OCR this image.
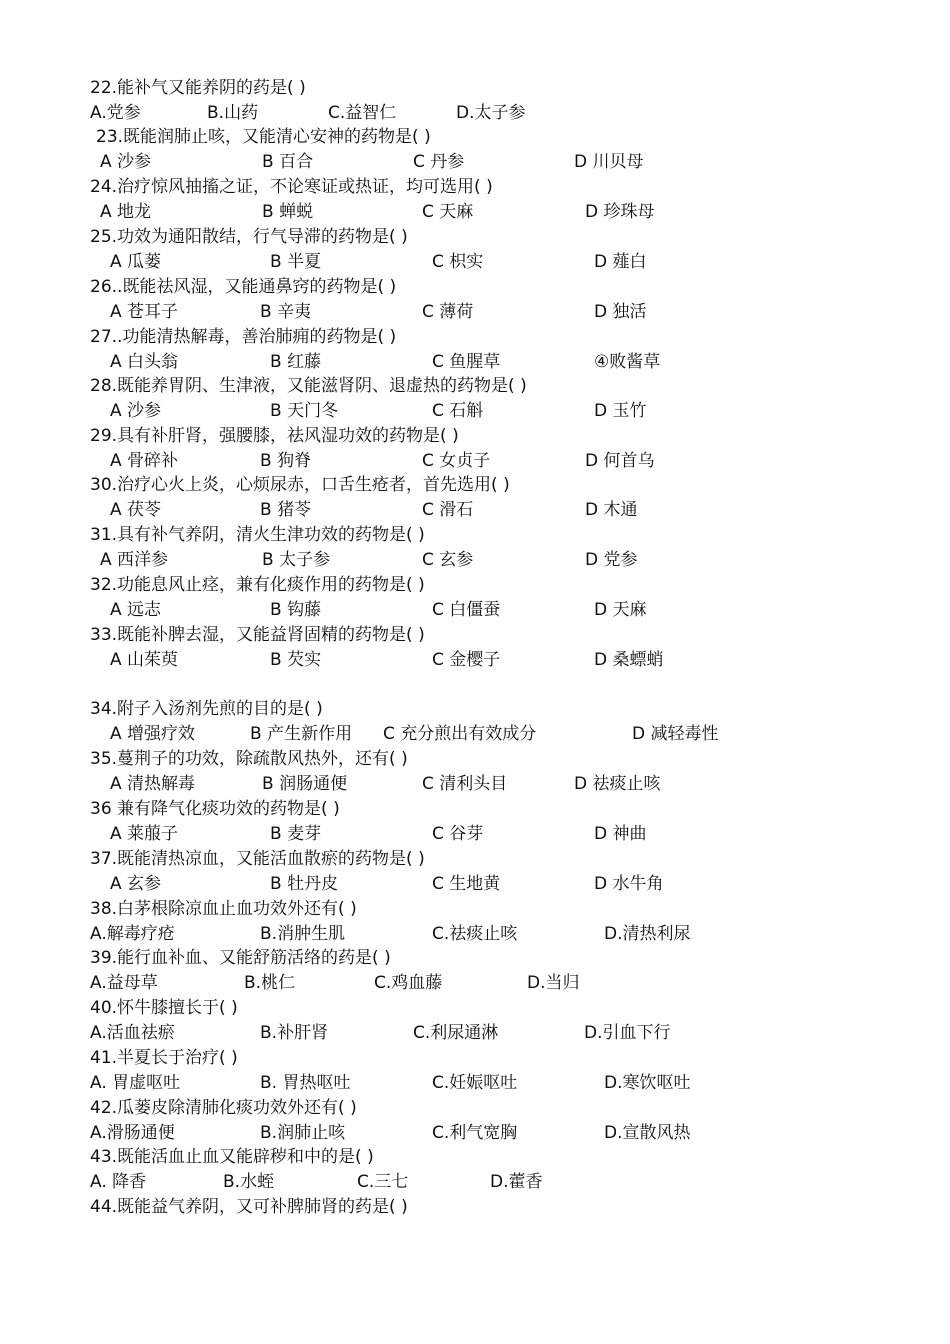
22.能补气又能养阴的药是( )
A.党参	B.山药	C.益智仁	D.太子参
23.既能润肺止咳，又能清心安神的药物是( )
A 沙参	B 百合	C 丹参	D 川贝母
24.治疗惊风抽搐之证，不论寒证或热证，均可选用( )
A 地龙	B 蝉蜕	C 天麻	D 珍珠母
25.功效为通阳散结，行气导滞的药物是( )
A 瓜蒌	B 半夏	C 枳实	D 薤白
26..既能祛风湿，又能通鼻窍的药物是( )
A 苍耳子	B 辛夷	C 薄荷	D 独活
27..功能清热解毒，善治肺痈的药物是( )
A 白头翁	B 红藤	C 鱼腥草	④败酱草
28.既能养胃阴、生津液，又能滋肾阴、退虚热的药物是( )
A 沙参	B 天门冬	C 石斛	D 玉竹
29.具有补肝肾，强腰膝，祛风湿功效的药物是( )
A 骨碎补	B 狗脊	C 女贞子	D 何首乌
30.治疗心火上炎，心烦尿赤，口舌生疮者，首先选用( )
A 茯苓	B 猪苓	C 滑石	D 木通
31.具有补气养阴，清火生津功效的药物是( )
A 西洋参	B 太子参	C 玄参	D 党参
32.功能息风止痉，兼有化痰作用的药物是( )
A 远志	B 钩藤	C 白僵蚕	D 天麻
33.既能补脾去湿，又能益肾固精的药物是( )
A 山茱萸	B 芡实	C 金樱子	D 桑螵蛸
34.附子入汤剂先煎的目的是( )
A 增强疗效	B 产生新作用 C 充分煎出有效成分	D 减轻毒性
35.蔓荆子的功效，除疏散风热外，还有( )
A 清热解毒	B 润肠通便	C 清利头目	D 祛痰止咳
36 兼有降气化痰功效的药物是( )
A 莱菔子	B 麦芽	C 谷芽	D 神曲
37.既能清热凉血，又能活血散瘀的药物是( )
A 玄参	B 牡丹皮	C 生地黄	D 水牛角
38.白茅根除凉血止血功效外还有( )
A.解毒疗疮	B.消肿生肌	C.祛痰止咳	D.清热利尿
39.能行血补血、又能舒筋活络的药是( )
A.益母草	B.桃仁	C.鸡血藤	D.当归
40.怀牛膝擅长于( )
A.活血祛瘀	B.补肝肾	C.利尿通淋	D.引血下行
41.半夏长于治疗( )
A. 胃虚呕吐	B. 胃热呕吐	C.妊娠呕吐	D.寒饮呕吐
42.瓜蒌皮除清肺化痰功效外还有( )
A.滑肠通便	B.润肺止咳	C.利气宽胸	D.宣散风热
43.既能活血止血又能辟秽和中的是( )
A. 降香	B.水蛭	C.三七	D.藿香
44.既能益气养阴，又可补脾肺肾的药是( )
